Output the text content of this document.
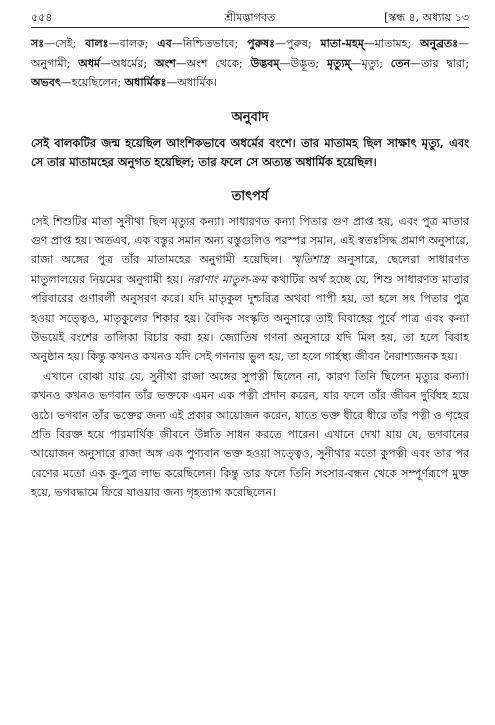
৫৫৪	শ্রীমদ্ভাগবত	[স্কন্ধ ৪, অধ্যায় ১৩

সঃ—সেই; বালঃ—বালক; এব—নিশ্চিতভাবে; পুরুষঃ—পুরুষ; মাতা-মহম্‌—মাতামহ; অনুব্রতঃ—অনুগামী; অধর্ম—অধর্মের; অংশ—অংশ থেকে; উদ্ভবম্‌—উদ্ভূত; মৃত্যুম্‌—মৃত্যু; তেন—তার দ্বারা; অভবৎ—হয়েছিলেন; অধার্মিকঃ—অধার্মিক।

অনুবাদ

সেই বালকটির জন্ম হয়েছিল আংশিকভাবে অধর্মের বংশে। তার মাতামহ ছিল সাক্ষাৎ মৃত্যু, এবং সে তার মাতামহের অনুগত হয়েছিল; তার ফলে সে অত্যন্ত অধার্মিক হয়েছিল।

তাৎপর্য

সেই শিশুটির মাতা সুনীথা ছিল মৃত্যুর কন্যা। সাধারণত কন্যা পিতার গুণ প্রাপ্ত হয়, এবং পুত্র মাতার গুণ প্রাপ্ত হয়। অতএব, এক বস্তুর সমান অন্য বস্তুগুলিও পরস্পর সমান, এই স্বতঃসিদ্ধ প্রমাণ অনুসারে, রাজা অঙ্গের পুত্র তাঁর মাতামহের অনুগামী হয়েছিল। স্মৃতিশাস্ত্র অনুসারে, ছেলেরা সাধারণত মাতুলালয়ের নিয়মের অনুগামী হয়। নরাণাং মাতুল-ক্রম কথাটির অর্থ হচ্ছে যে, শিশু সাধারণত মাতার পরিবারের গুণাবলী অনুসরণ করে। যদি মাতৃকুল দুশ্চরিত্র অথবা পাপী হয়, তা হলে সৎ পিতার পুত্র হওয়া সত্ত্বেও, মাতৃকুলের শিকার হয়। বৈদিক সংস্কৃতি অনুসারে তাই বিবাহের পূর্বে পাত্র এবং কন্যা উভয়েই বংশের তালিকা বিচার করা হয়। জ্যোতিষ গণনা অনুসারে যদি মিল হয়, তা হলে বিবাহ অনুষ্ঠান হয়। কিন্তু কখনও কখনও যদি সেই গণনায় ভুল হয়, তা হলে গার্হস্থ্য জীবন নৈরাশ্যজনক হয়।

এখানে বোঝা যায় যে, সুনীথা রাজা অঙ্গের সুপত্নী ছিলেন না, কারণ তিনি ছিলেন মৃত্যুর কন্যা। কখনও কখনও ভগবান তাঁর ভক্তকে এমন এক পত্নী প্রদান করেন, যার ফলে তাঁর জীবন দুর্বিষহ হয়ে ওঠে। ভগবান তাঁর ভক্তের জন্য এই প্রকার আয়োজন করেন, যাতে ভক্ত ধীরে ধীরে তাঁর পত্নী ও গৃহের প্রতি বিরক্ত হয়ে পারমার্থিক জীবনে উন্নতি সাধন করতে পারেন। এখানে দেখা যায় যে, ভগবানের আয়োজন অনুসারে রাজা অঙ্গ এক পুণ্যবান ভক্ত হওয়া সত্ত্বেও, সুনীথার মতো কুপত্নী এবং তার পর বেণের মতো এক কু-পুত্র লাভ করেছিলেন। কিন্তু তার ফলে তিনি সংসার-বন্ধন থেকে সম্পূর্ণরূপে মুক্ত হয়ে, ভগবদ্ধামে ফিরে যাওয়ার জন্য গৃহত্যাগ করেছিলেন।
